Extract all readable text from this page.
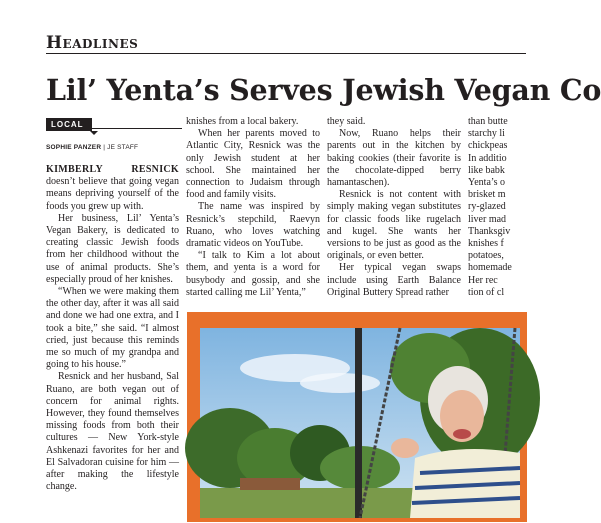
Headlines
Lil’ Yenta’s Serves Jewish Vegan Co
LOCAL
SOPHIE PANZER | JE STAFF

KIMBERLY RESNICK doesn’t believe that going vegan means depriving yourself of the foods you grew up with.

Her business, Lil’ Yenta’s Vegan Bakery, is dedicated to creating classic Jewish foods from her childhood without the use of animal products. She’s especially proud of her knishes.

“When we were making them the other day, after it was all said and done we had one extra, and I took a bite,” she said. “I almost cried, just because this reminds me so much of my grandpa and going to his house.”

Resnick and her husband, Sal Ruano, are both vegan out of concern for animal rights. However, they found themselves missing foods from both their cultures — New York-style Ashkenazi favorites for her and El Salvadoran cuisine for him — after making the lifestyle change.

knishes from a local bakery.

When her parents moved to Atlantic City, Resnick was the only Jewish student at her school. She maintained her connection to Judaism through food and family visits.

The name was inspired by Resnick’s stepchild, Raevyn Ruano, who loves watching dramatic videos on YouTube.

“I talk to Kim a lot about them, and yenta is a word for busybody and gossip, and she started calling me Lil’ Yenta,”

they said.

Now, Ruano helps their parents out in the kitchen by baking cookies (their favorite is the chocolate-dipped berry hamantaschen).

Resnick is not content with simply making vegan substitutes for classic foods like rugelach and kugel. She wants her versions to be just as good as the originals, or even better.

Her typical vegan swaps include using Earth Balance Original Buttery Spread rather

than butte
starchy li
chickpeas
In additio
like babk
Yenta’s o
brisket m
ry-glazed
liver mad
Thanksgiv
knishes f
potatoes,
homemade
Her rec
tion of cl
